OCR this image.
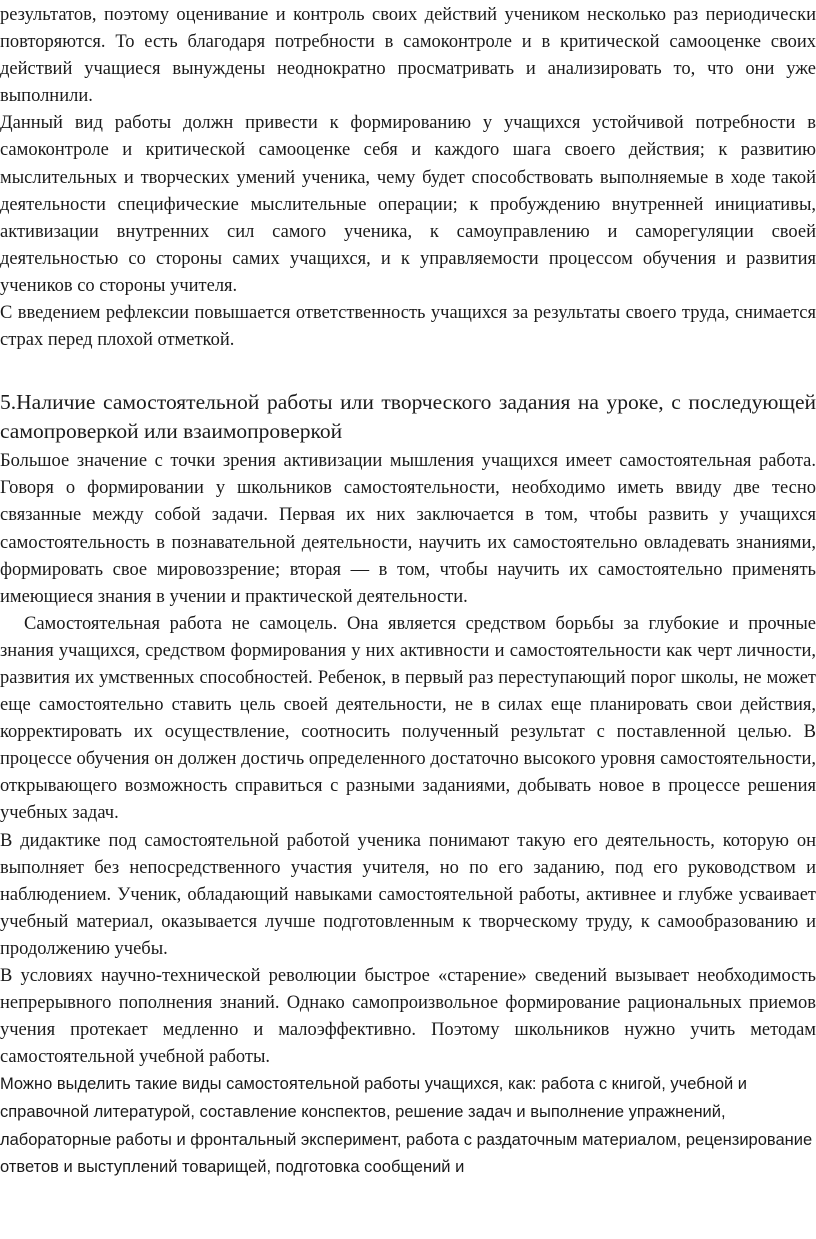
результатов, поэтому оценивание и контроль своих действий учеником несколько раз периодически повторяются. То есть благодаря потребности в самоконтроле и в критической самооценке своих действий учащиеся вынуждены неоднократно просматривать и анализировать то, что они уже выполнили.

Данный вид работы должн привести к формированию у учащихся устойчивой потребности в самоконтроле и критической самооценке себя и каждого шага своего действия; к развитию мыслительных и творческих умений ученика, чему будет способствовать выполняемые в ходе такой деятельности специфические мыслительные операции; к пробуждению внутренней инициативы, активизации внутренних сил самого ученика, к самоуправлению и саморегуляции своей деятельностью со стороны самих учащихся, и к управляемости процессом обучения и развития учеников со стороны учителя.

С введением рефлексии повышается ответственность учащихся за результаты своего труда, снимается страх перед плохой отметкой.

5.Наличие самостоятельной работы или творческого задания на уроке, с последующей самопроверкой или взаимопроверкой

Большое значение с точки зрения активизации мышления учащихся имеет самостоятельная работа. Говоря о формировании у школьников самостоятельности, необходимо иметь ввиду две тесно связанные между собой задачи. Первая их них заключается в том, чтобы развить у учащихся самостоятельность в познавательной деятельности, научить их самостоятельно овладевать знаниями, формировать свое мировоззрение; вторая — в том, чтобы научить их самостоятельно применять имеющиеся знания в учении и практической деятельности.

Самостоятельная работа не самоцель. Она является средством борьбы за глубокие и прочные знания учащихся, средством формирования у них активности и самостоятельности как черт личности, развития их умственных способностей. Ребенок, в первый раз переступающий порог школы, не может еще самостоятельно ставить цель своей деятельности, не в силах еще планировать свои действия, корректировать их осуществление, соотносить полученный результат с поставленной целью. В процессе обучения он должен достичь определенного достаточно высокого уровня самостоятельности, открывающего возможность справиться с разными заданиями, добывать новое в процессе решения учебных задач.

В дидактике под самостоятельной работой ученика понимают такую его деятельность, которую он выполняет без непосредственного участия учителя, но по его заданию, под его руководством и наблюдением. Ученик, обладающий навыками самостоятельной работы, активнее и глубже усваивает учебный материал, оказывается лучше подготовленным к творческому труду, к самообразованию и продолжению учебы.

В условиях научно-технической революции быстрое «старение» сведений вызывает необходимость непрерывного пополнения знаний. Однако самопроизвольное формирование рациональных приемов учения протекает медленно и малоэффективно. Поэтому школьников нужно учить методам самостоятельной учебной работы.

Можно выделить такие виды самостоятельной работы учащихся, как: работа с книгой, учебной и справочной литературой, составление конспектов, решение задач и выполнение упражнений, лабораторные работы и фронтальный эксперимент, работа с раздаточным материалом, рецензирование ответов и выступлений товарищей, подготовка сообщений и
